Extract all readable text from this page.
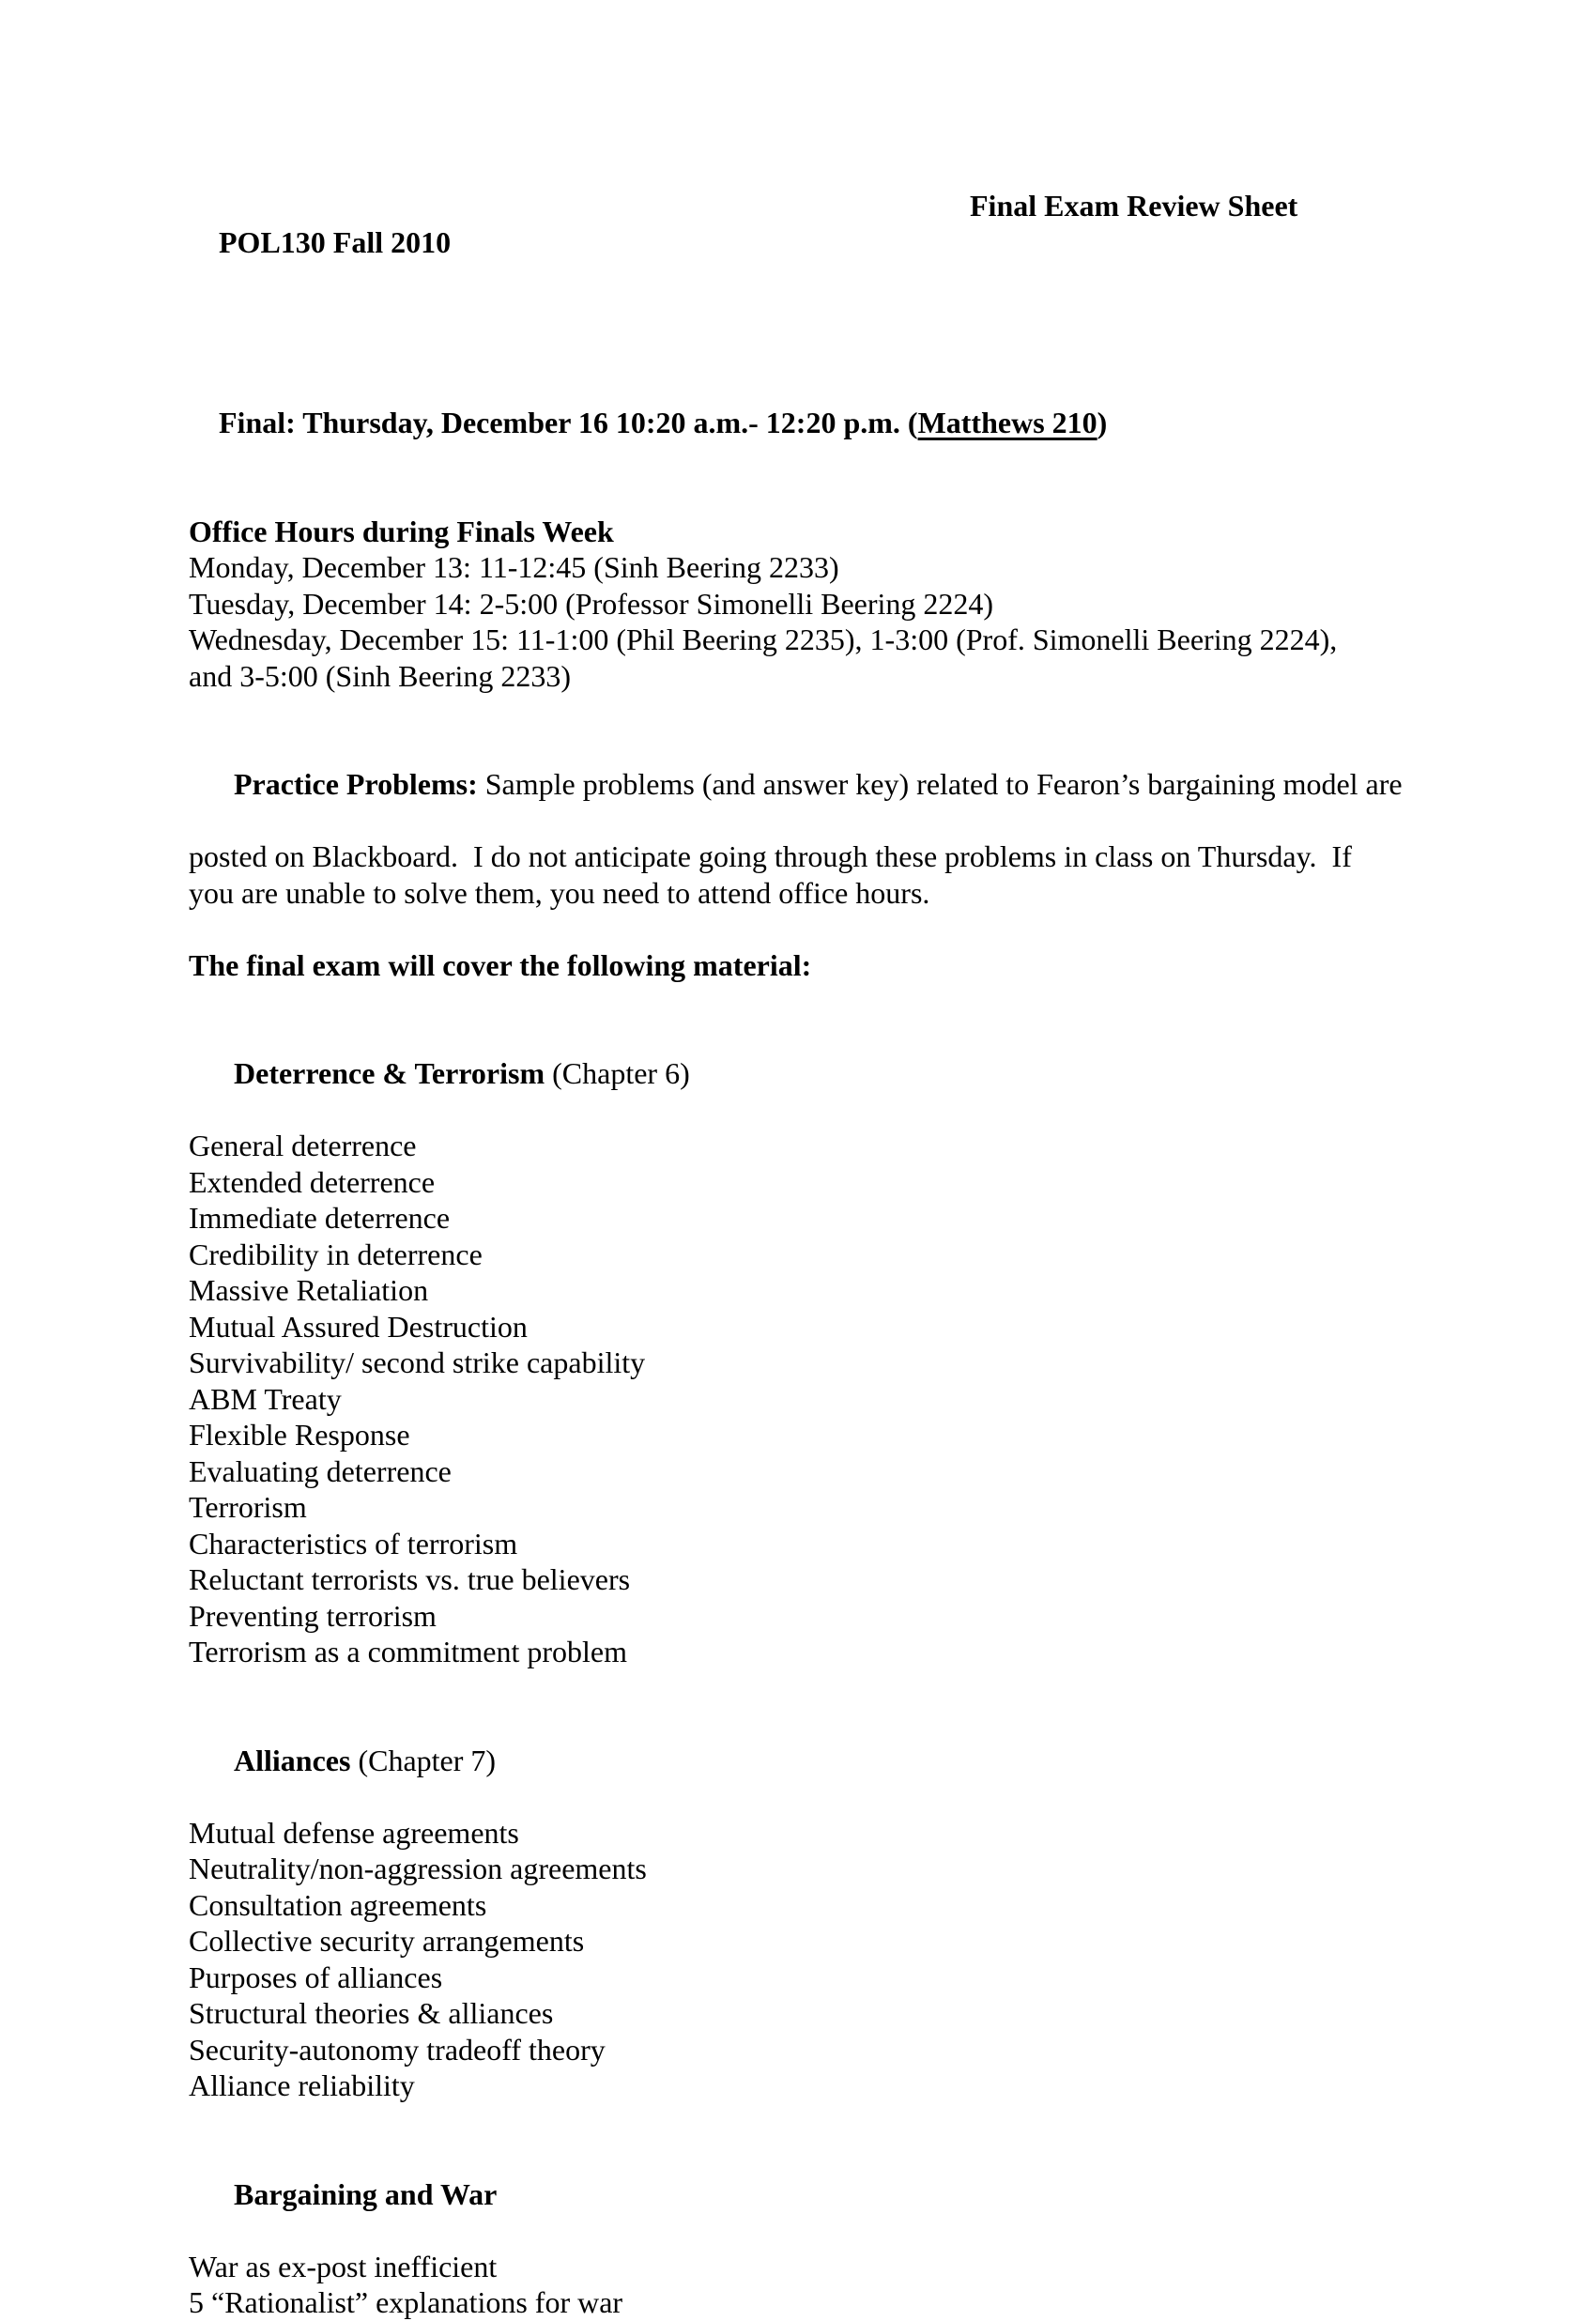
POL130 Fall 2010

Final Exam Review Sheet

Final: Thursday, December 16 10:20 a.m.- 12:20 p.m. (Matthews 210)

Office Hours during Finals Week
Monday, December 13: 11-12:45 (Sinh Beering 2233)
Tuesday, December 14: 2-5:00 (Professor Simonelli Beering 2224)
Wednesday, December 15: 11-1:00 (Phil Beering 2235), 1-3:00 (Prof. Simonelli Beering 2224),
and 3-5:00 (Sinh Beering 2233)

Practice Problems: Sample problems (and answer key) related to Fearon’s bargaining model are

posted on Blackboard.  I do not anticipate going through these problems in class on Thursday.  If
you are unable to solve them, you need to attend office hours.
The final exam will cover the following material:

Deterrence & Terrorism (Chapter 6)

General deterrence
Extended deterrence
Immediate deterrence
Credibility in deterrence
Massive Retaliation
Mutual Assured Destruction
Survivability/ second strike capability
ABM Treaty
Flexible Response
Evaluating deterrence
Terrorism
Characteristics of terrorism
Reluctant terrorists vs. true believers
Preventing terrorism
Terrorism as a commitment problem

Alliances (Chapter 7)

Mutual defense agreements
Neutrality/non-aggression agreements
Consultation agreements
Collective security arrangements
Purposes of alliances
Structural theories & alliances
Security-autonomy tradeoff theory
Alliance reliability

Bargaining and War

War as ex-post inefficient
5 “Rationalist” explanations for war
